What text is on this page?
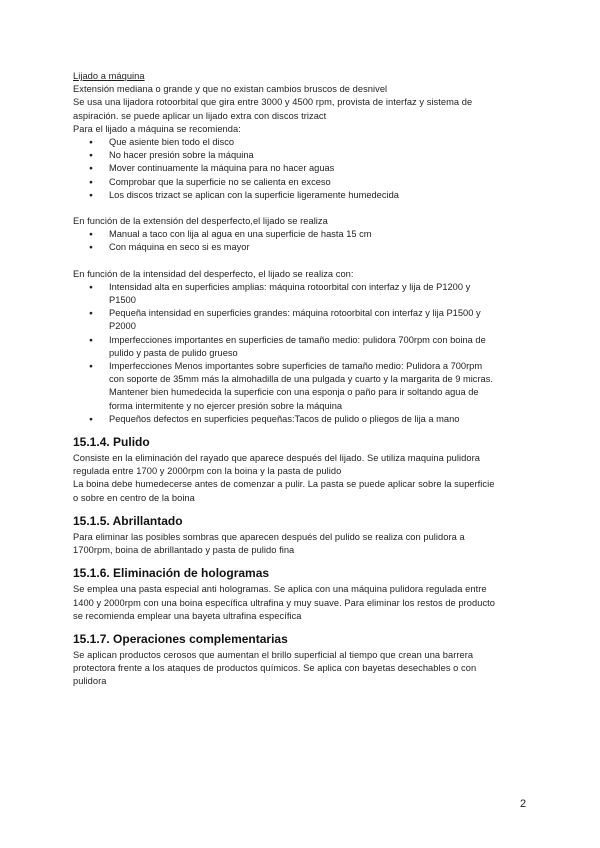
Lijado a máquina

Extensión mediana o grande y que no existan cambios bruscos de desnivel

Se usa una lijadora rotoorbital que gira entre 3000 y 4500 rpm, provista de interfaz y sistema de

aspiración. se puede aplicar un lijado extra con discos trizact

Para el lijado a máquina se recomienda:

● Que asiente bien todo el disco
● No hacer presión sobre la máquina
● Mover continuamente la máquina para no hacer aguas
● Comprobar que la superficie no se calienta en exceso
● Los discos trizact se aplican con la superficie ligeramente humedecida

En función de la extensión del desperfecto,el lijado se realiza

● Manual a taco con lija al agua en una superficie de hasta 15 cm
● Con máquina en seco si es mayor

En función de la intensidad del desperfecto, el lijado se realiza con:

● Intensidad alta en superficies amplias: máquina rotoorbital con interfaz y lija de P1200 y
P1500
● Pequeña intensidad en superficies grandes: máquina rotoorbital con interfaz y lija P1500 y
P2000
● Imperfecciones importantes en superficies de tamaño medio: pulidora 700rpm con boina de
pulido y pasta de pulido grueso
● Imperfecciones Menos importantes sobre superficies de tamaño medio: Pulidora a 700rpm
con soporte de 35mm más la almohadilla de una pulgada y cuarto y la margarita de 9 micras.
Mantener bien humedecida la superficie con una esponja o paño para ir soltando agua de
forma intermitente y no ejercer presión sobre la máquina
● Pequeños defectos en superficies pequeñas:Tacos de pulido o pliegos de lija a mano
15.1.4. Pulido

Consiste en la eliminación del rayado que aparece después del lijado. Se utiliza maquina pulidora

regulada entre 1700 y 2000rpm con la boina y la pasta de pulido

La boina debe humedecerse antes de comenzar a pulir. La pasta se puede aplicar sobre la superficie

o sobre en centro de la boina

15.1.5. Abrillantado

Para eliminar las posibles sombras que aparecen después del pulido se realiza con pulidora a

1700rpm, boina de abrillantado y pasta de pulido fina

15.1.6. Eliminación de hologramas

Se emplea una pasta especial anti hologramas. Se aplica con una máquina pulidora regulada entre

1400 y 2000rpm con una boina específica ultrafina y muy suave. Para eliminar los restos de producto

se recomienda emplear una bayeta ultrafina específica

15.1.7. Operaciones complementarias

Se aplican productos cerosos que aumentan el brillo superficial al tiempo que crean una barrera

protectora frente a los ataques de productos químicos. Se aplica con bayetas desechables o con

pulidora

2
